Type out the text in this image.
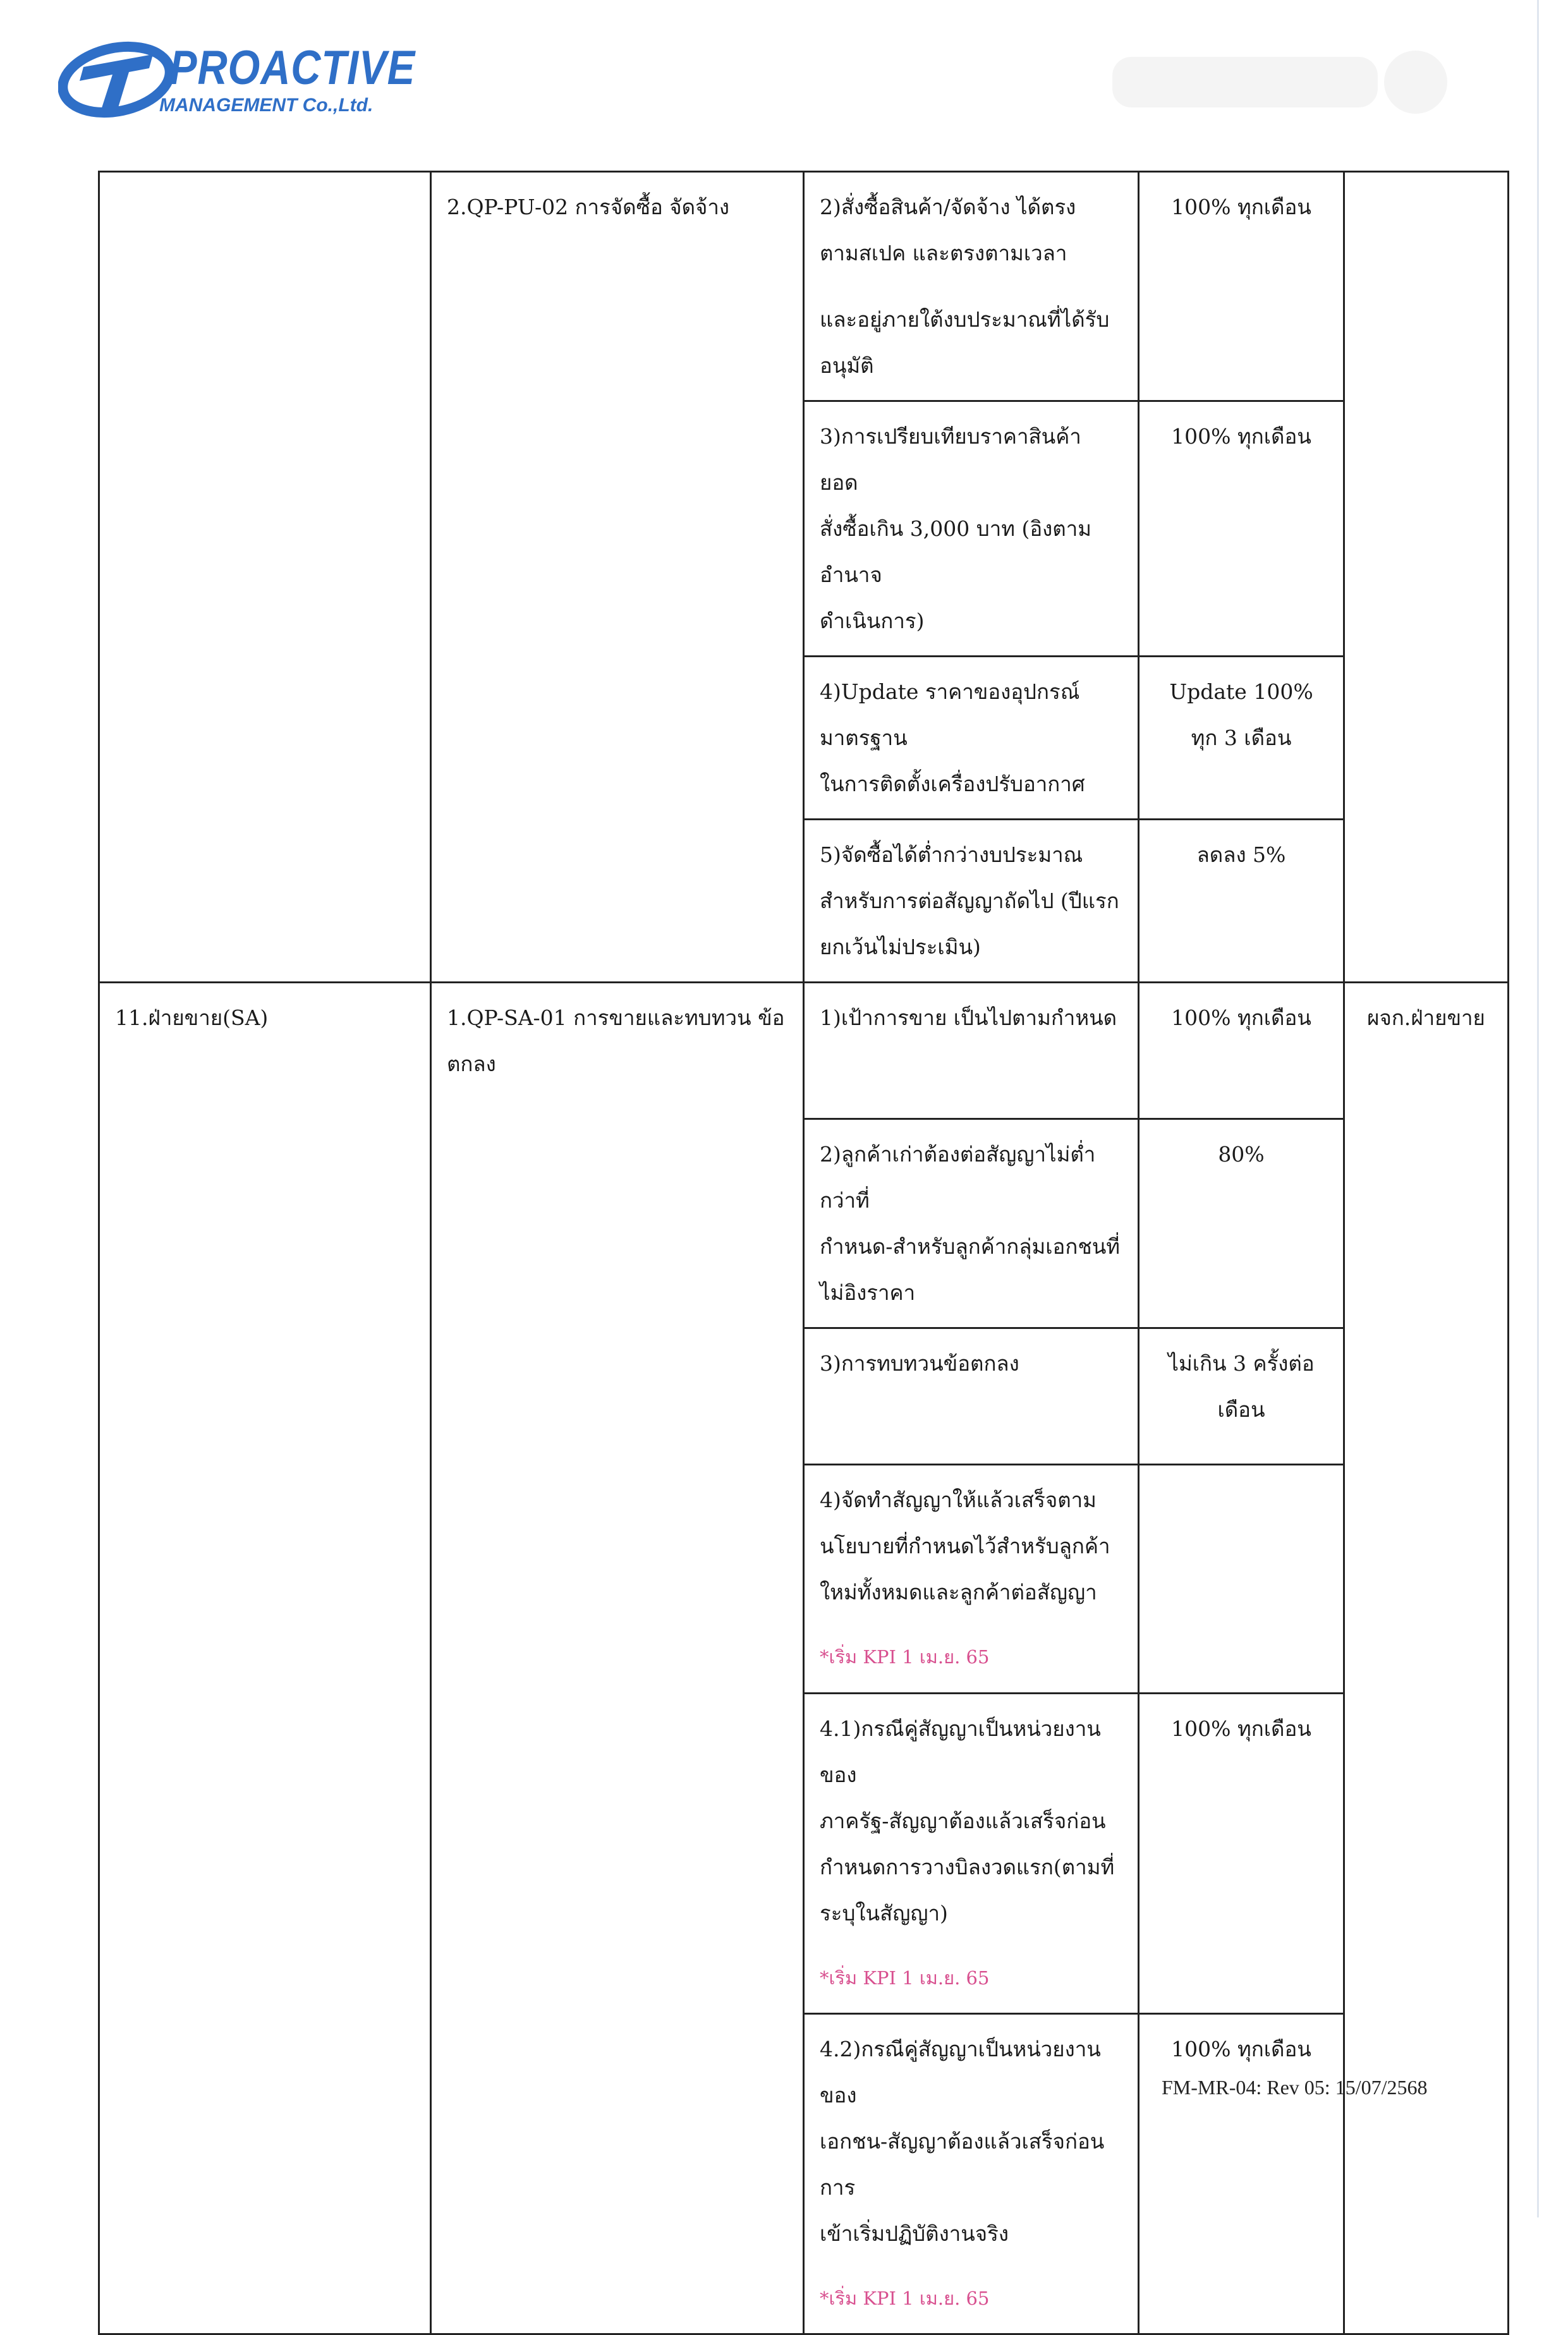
PROACTIVE
MANAGEMENT Co.,Ltd.
	2.QP-PU-02 การจัดซื้อ จัดจ้าง	2)สั่งซื้อสินค้า/จัดจ้าง ได้ตรง
ตามสเปค และตรงตามเวลา
และอยู่ภายใต้งบประมาณที่ได้รับ
อนุมัติ	100% ทุกเดือน	
		3)การเปรียบเทียบราคาสินค้า ยอด
สั่งซื้อเกิน 3,000 บาท (อิงตามอำนาจ
ดำเนินการ)	100% ทุกเดือน	
		4)Update ราคาของอุปกรณ์มาตรฐาน
ในการติดตั้งเครื่องปรับอากาศ	Update 100% ทุก 3 เดือน	
		5)จัดซื้อได้ต่ำกว่างบประมาณ
สำหรับการต่อสัญญาถัดไป (ปีแรก
ยกเว้นไม่ประเมิน)	ลดลง 5%	
11.ฝ่ายขาย(SA)	1.QP-SA-01 การขายและทบทวน ข้อตกลง	1)เป้าการขาย เป็นไปตามกำหนด	100% ทุกเดือน	ผจก.ฝ่ายขาย
		2)ลูกค้าเก่าต้องต่อสัญญาไม่ต่ำกว่าที่
กำหนด-สำหรับลูกค้ากลุ่มเอกชนที่
ไม่อิงราคา	80%	
		3)การทบทวนข้อตกลง	ไม่เกิน 3 ครั้งต่อ เดือน	
		4)จัดทำสัญญาให้แล้วเสร็จตาม
นโยบายที่กำหนดไว้สำหรับลูกค้า
ใหม่ทั้งหมดและลูกค้าต่อสัญญา
*เริ่ม KPI 1 เม.ย. 65		

		4.1)กรณีคู่สัญญาเป็นหน่วยงานของ
ภาครัฐ-สัญญาต้องแล้วเสร็จก่อน
กำหนดการวางบิลงวดแรก(ตามที่
ระบุในสัญญา)
*เริ่ม KPI 1 เม.ย. 65	100% ทุกเดือน	
		4.2)กรณีคู่สัญญาเป็นหน่วยงานของ
เอกชน-สัญญาต้องแล้วเสร็จก่อนการ
เข้าเริ่มปฏิบัติงานจริง
*เริ่ม KPI 1 เม.ย. 65	100% ทุกเดือน	
FM-MR-04: Rev 05: 15/07/2568
